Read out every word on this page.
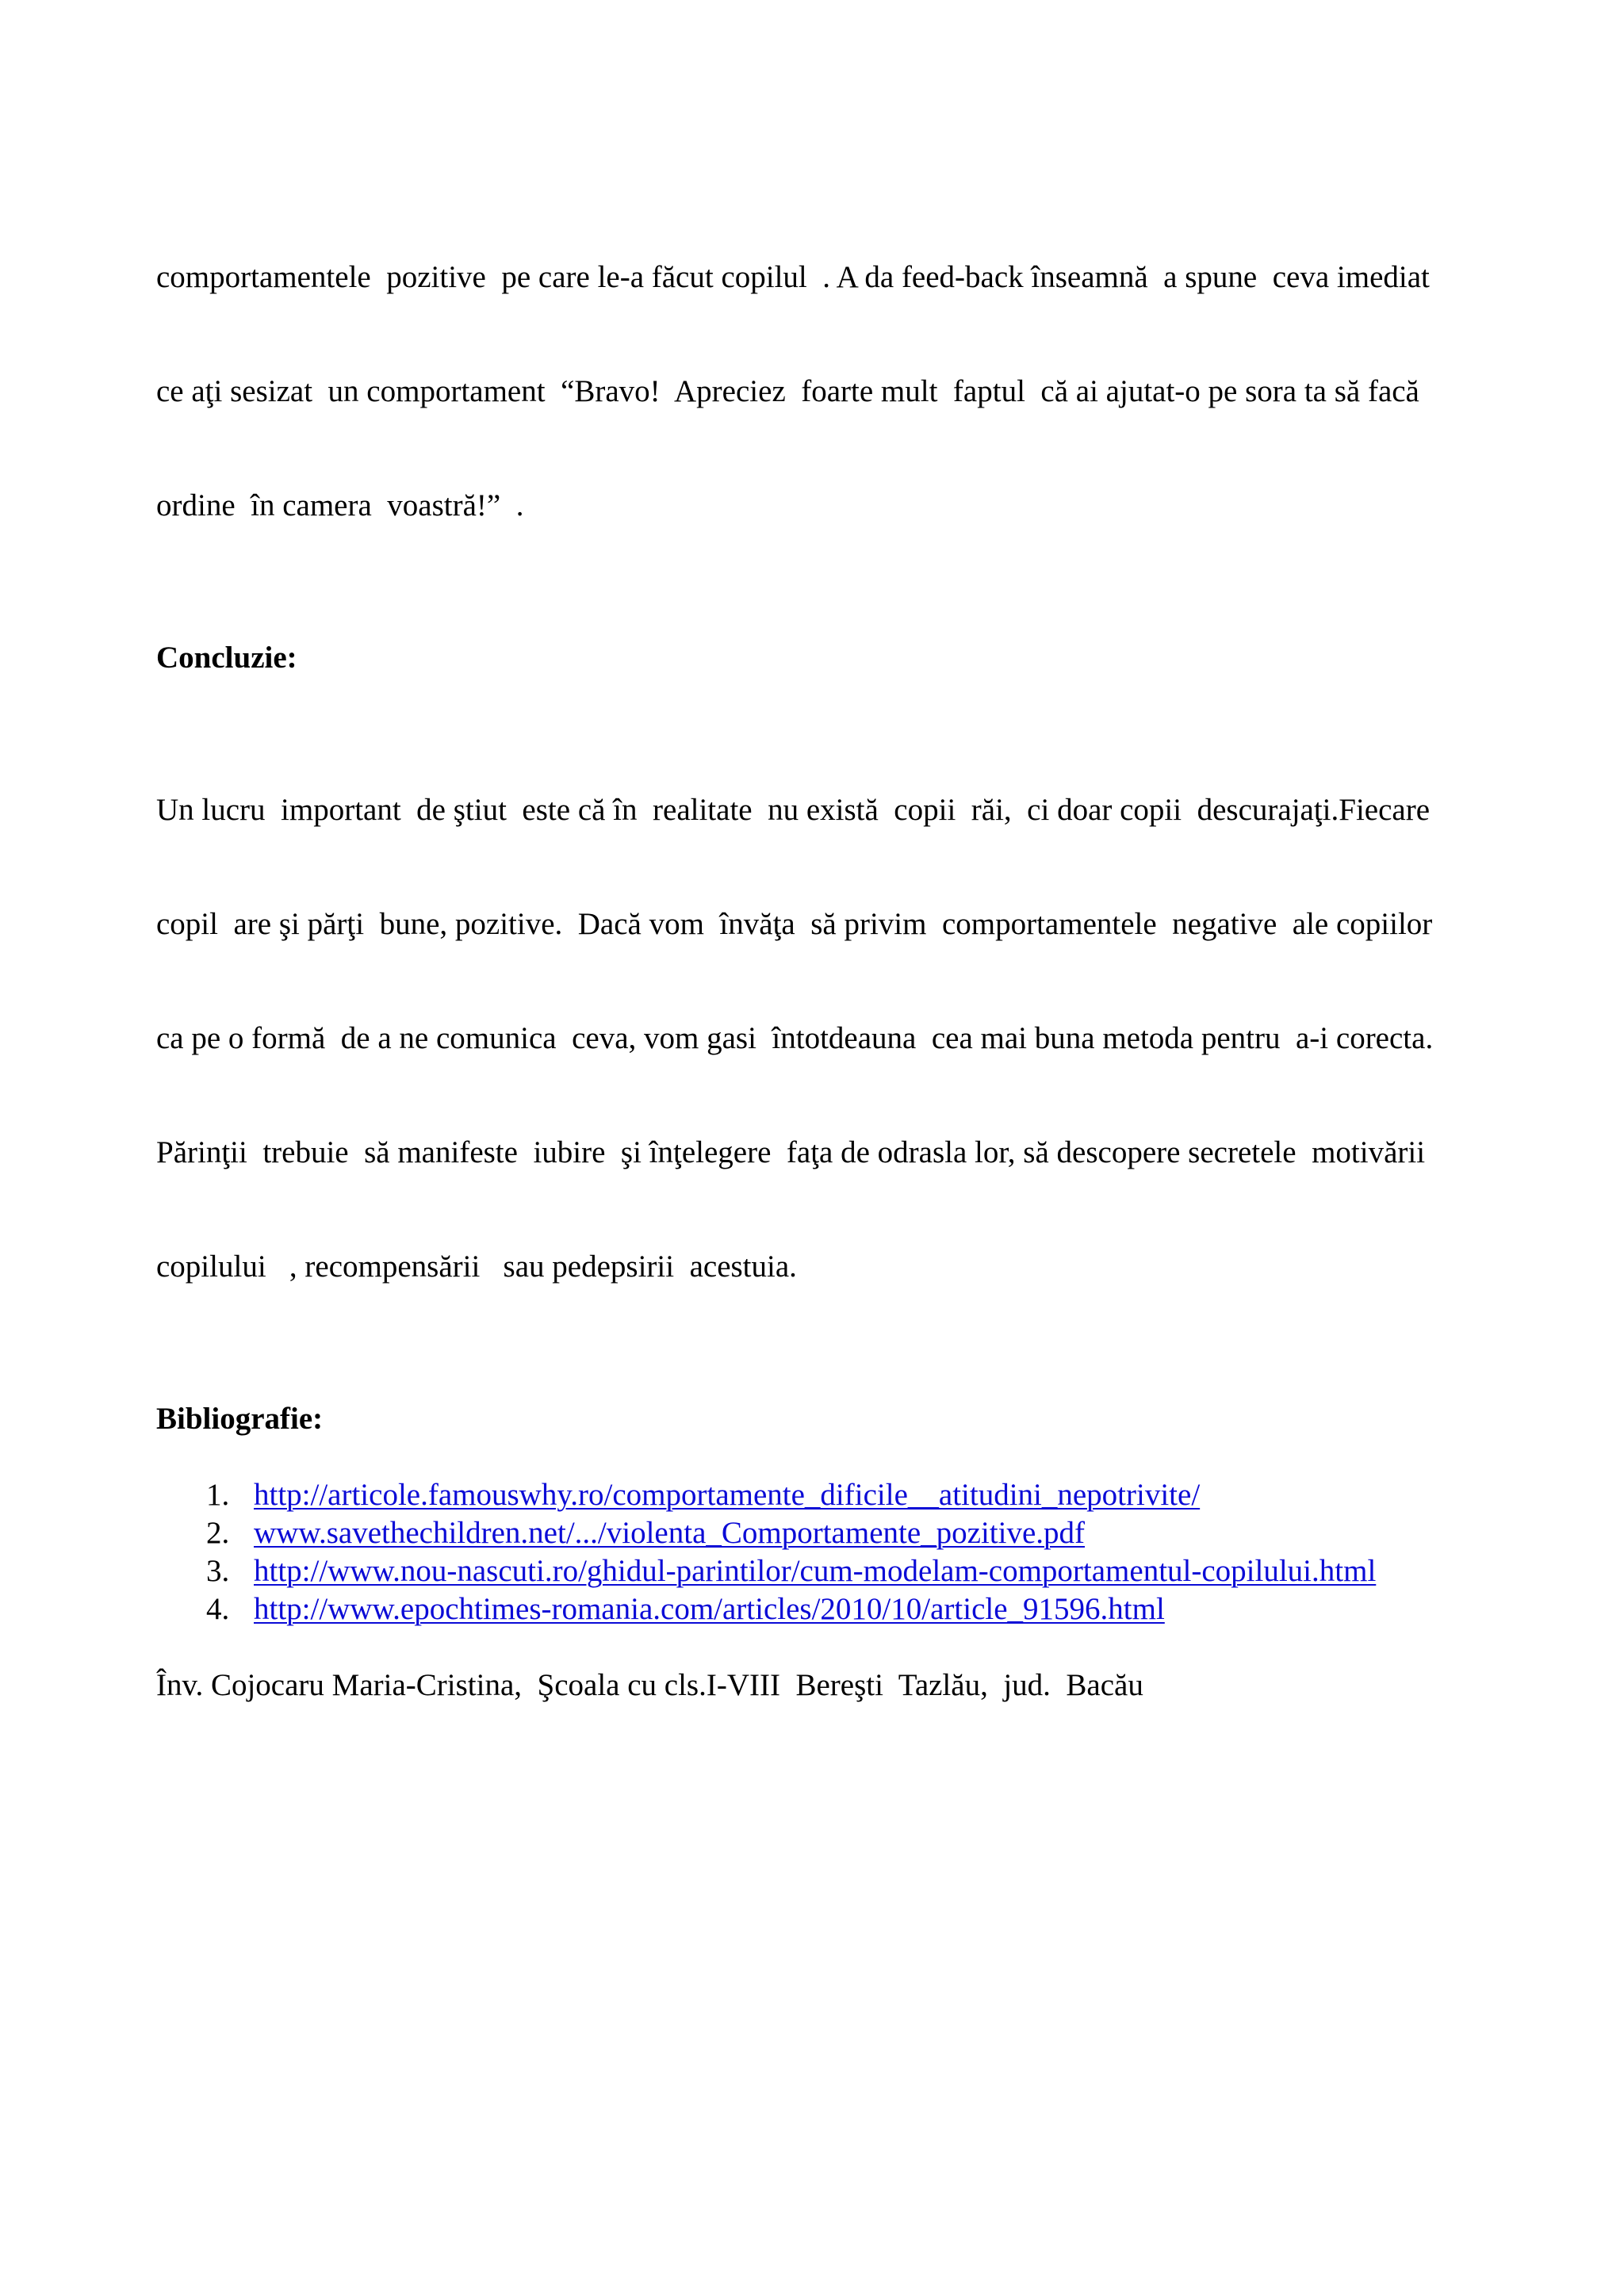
comportamentele  pozitive  pe care le-a făcut copilul  . A da feed-back înseamnă  a spune  ceva imediat

ce aţi sesizat  un comportament  “Bravo!  Apreciez  foarte mult  faptul  că ai ajutat-o pe sora ta să facă

ordine  în camera  voastră!”  .

Concluzie:

Un lucru  important  de ştiut  este că în  realitate  nu există  copii  răi,  ci doar copii  descurajaţi.Fiecare

copil  are şi părţi  bune, pozitive.  Dacă vom  învăţa  să privim  comportamentele  negative  ale copiilor

ca pe o formă  de a ne comunica  ceva, vom gasi  întotdeauna  cea mai buna metoda pentru  a-i corecta.

Părinţii  trebuie  să manifeste  iubire  şi înţelegere  faţa de odrasla lor, să descopere secretele  motivării

copilului   , recompensării   sau pedepsirii  acestuia.

Bibliografie:
1. http://articole.famouswhy.ro/comportamente_dificile__atitudini_nepotrivite/
2. www.savethechildren.net/.../violenta_Comportamente_pozitive.pdf
3. http://www.nou-nascuti.ro/ghidul-parintilor/cum-modelam-comportamentul-copilului.html
4. http://www.epochtimes-romania.com/articles/2010/10/article_91596.html

Înv. Cojocaru Maria-Cristina,  Şcoala cu cls.I-VIII  Bereşti  Tazlău,  jud.  Bacău
